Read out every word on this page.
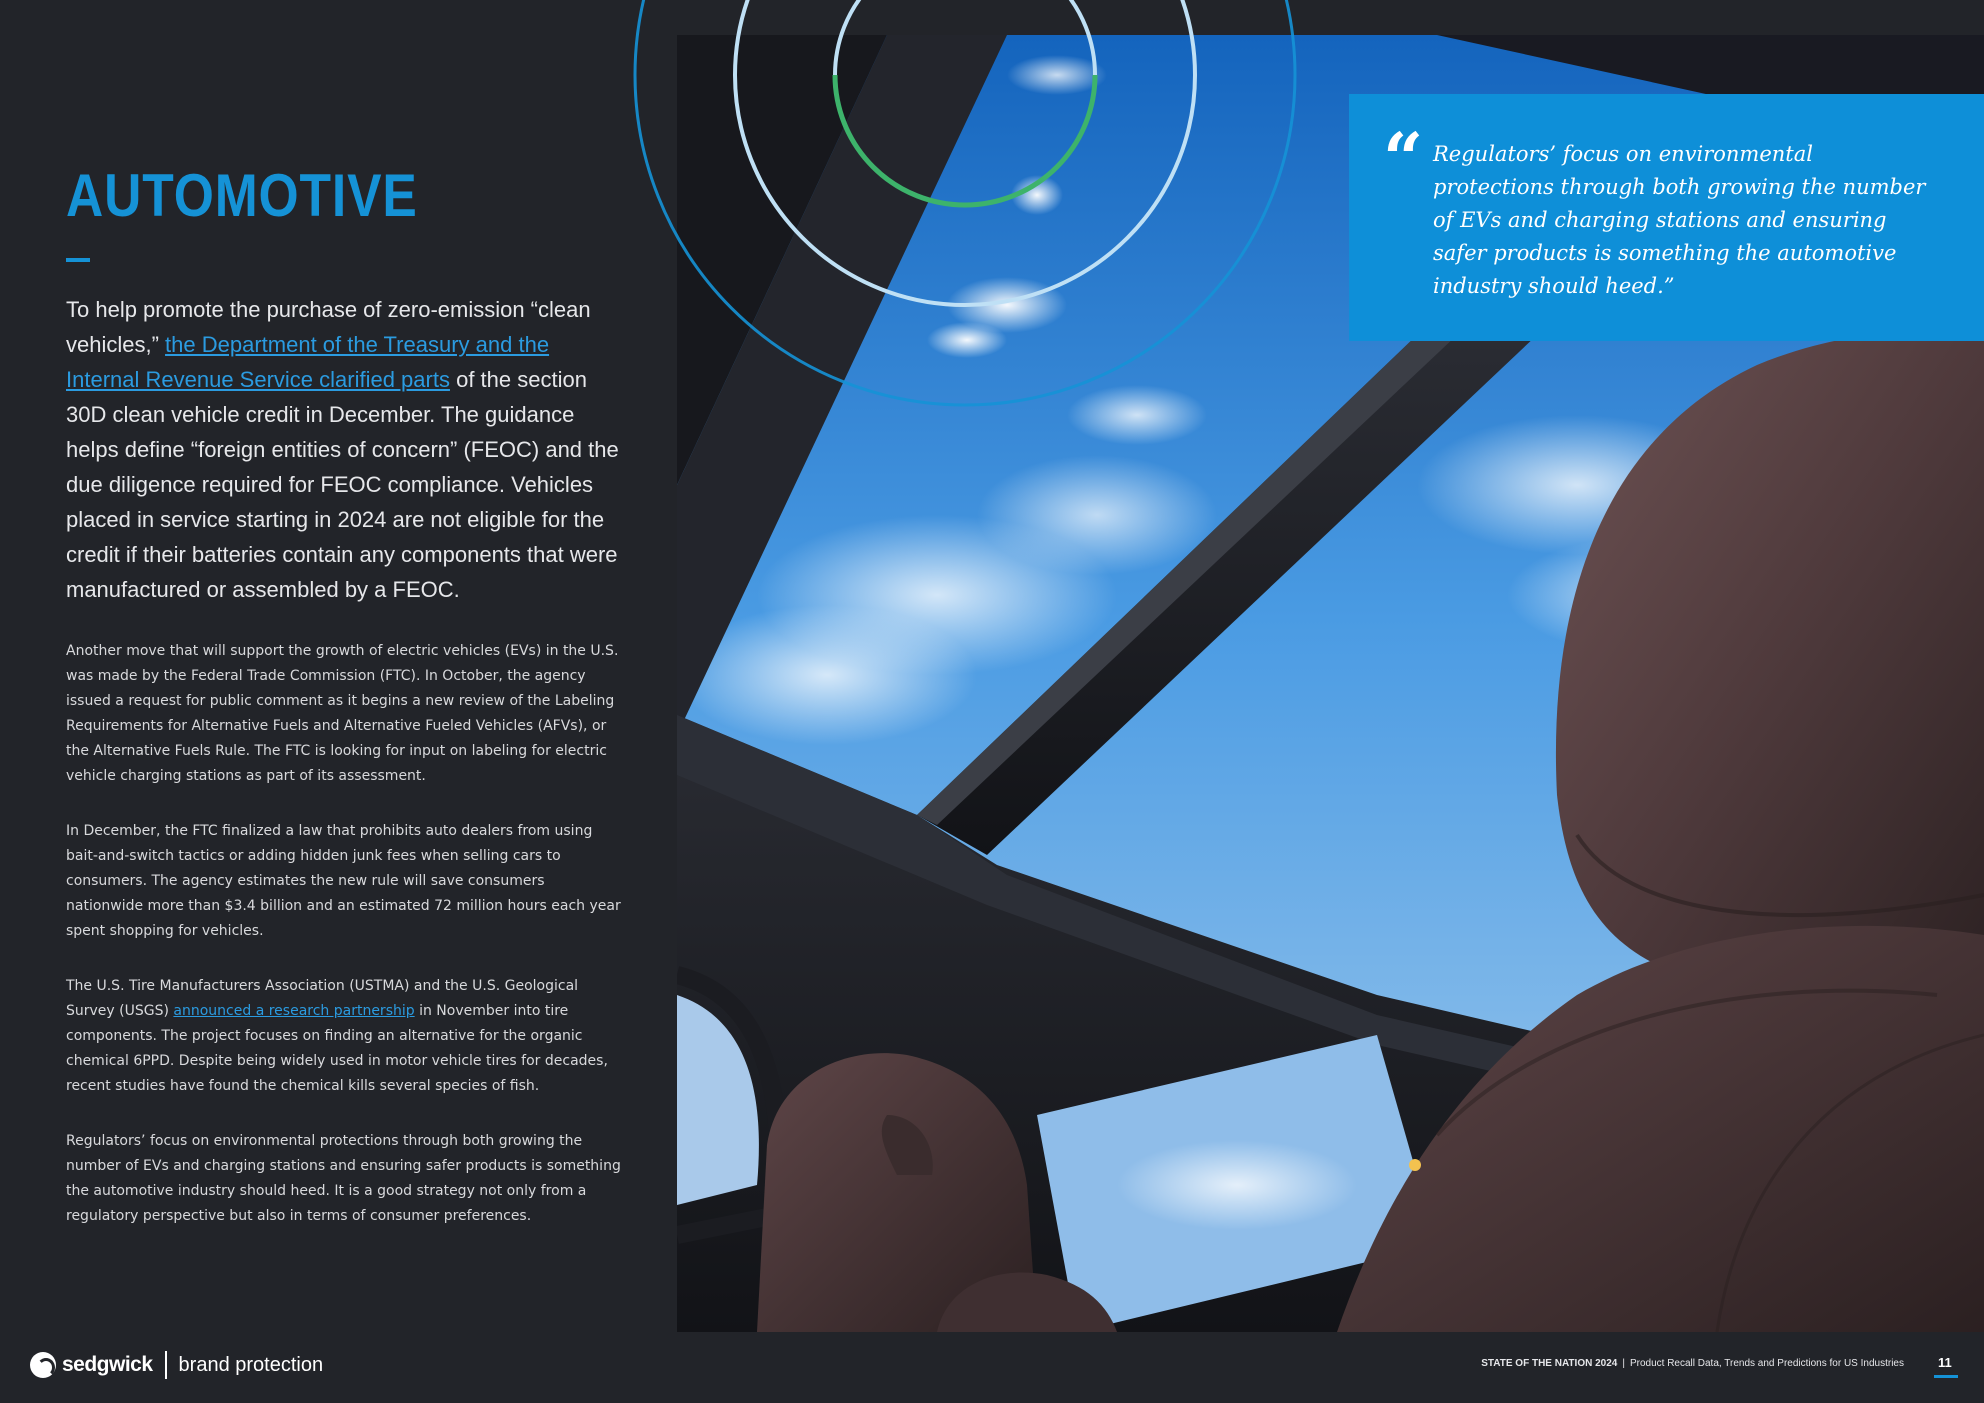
AUTOMOTIVE

To help promote the purchase of zero-emission “clean vehicles,” the Department of the Treasury and the Internal Revenue Service clarified parts of the section 30D clean vehicle credit in December. The guidance helps define “foreign entities of concern” (FEOC) and the due diligence required for FEOC compliance. Vehicles placed in service starting in 2024 are not eligible for the credit if their batteries contain any components that were manufactured or assembled by a FEOC.

Another move that will support the growth of electric vehicles (EVs) in the U.S. was made by the Federal Trade Commission (FTC). In October, the agency issued a request for public comment as it begins a new review of the Labeling Requirements for Alternative Fuels and Alternative Fueled Vehicles (AFVs), or the Alternative Fuels Rule. The FTC is looking for input on labeling for electric vehicle charging stations as part of its assessment.

In December, the FTC finalized a law that prohibits auto dealers from using bait-and-switch tactics or adding hidden junk fees when selling cars to consumers. The agency estimates the new rule will save consumers nationwide more than $3.4 billion and an estimated 72 million hours each year spent shopping for vehicles.

The U.S. Tire Manufacturers Association (USTMA) and the U.S. Geological Survey (USGS) announced a research partnership in November into tire components. The project focuses on finding an alternative for the organic chemical 6PPD. Despite being widely used in motor vehicle tires for decades, recent studies have found the chemical kills several species of fish.

Regulators’ focus on environmental protections through both growing the number of EVs and charging stations and ensuring safer products is something the automotive industry should heed. It is a good strategy not only from a regulatory perspective but also in terms of consumer preferences.

“ Regulators’ focus on environmental protections through both growing the number of EVs and charging stations and ensuring safer products is something the automotive industry should heed.”

sedgwick brand protection	STATE OF THE NATION 2024 | Product Recall Data, Trends and Predictions for US Industries	11
